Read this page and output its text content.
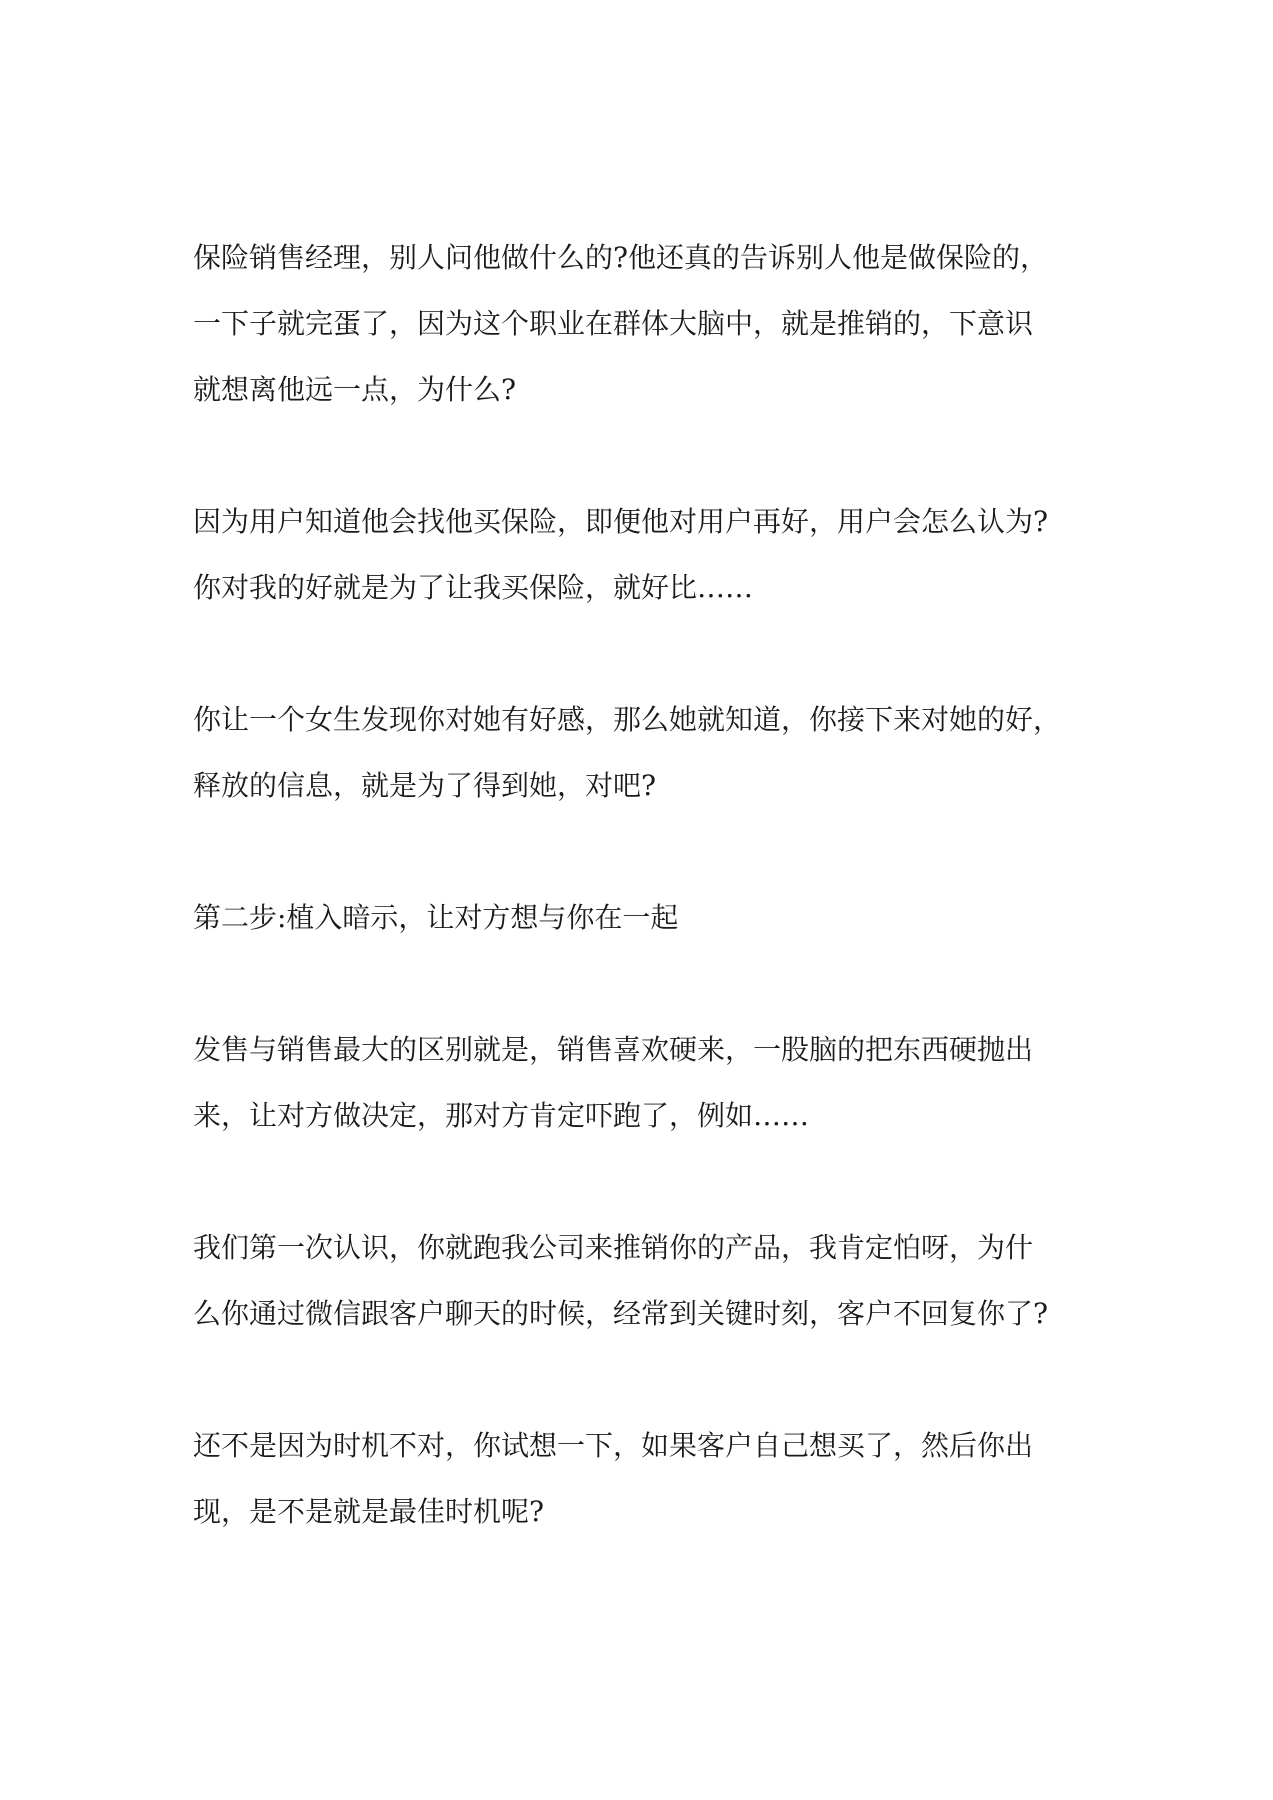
保险销售经理，别人问他做什么的?他还真的告诉别人他是做保险的，
一下子就完蛋了，因为这个职业在群体大脑中，就是推销的，下意识
就想离他远一点，为什么?

因为用户知道他会找他买保险，即便他对用户再好，用户会怎么认为?
你对我的好就是为了让我买保险，就好比……

你让一个女生发现你对她有好感，那么她就知道，你接下来对她的好，
释放的信息，就是为了得到她，对吧?

第二步:植入暗示，让对方想与你在一起

发售与销售最大的区别就是，销售喜欢硬来，一股脑的把东西硬抛出
来，让对方做决定，那对方肯定吓跑了，例如……

我们第一次认识，你就跑我公司来推销你的产品，我肯定怕呀，为什
么你通过微信跟客户聊天的时候，经常到关键时刻，客户不回复你了?

还不是因为时机不对，你试想一下，如果客户自己想买了，然后你出
现，是不是就是最佳时机呢?
